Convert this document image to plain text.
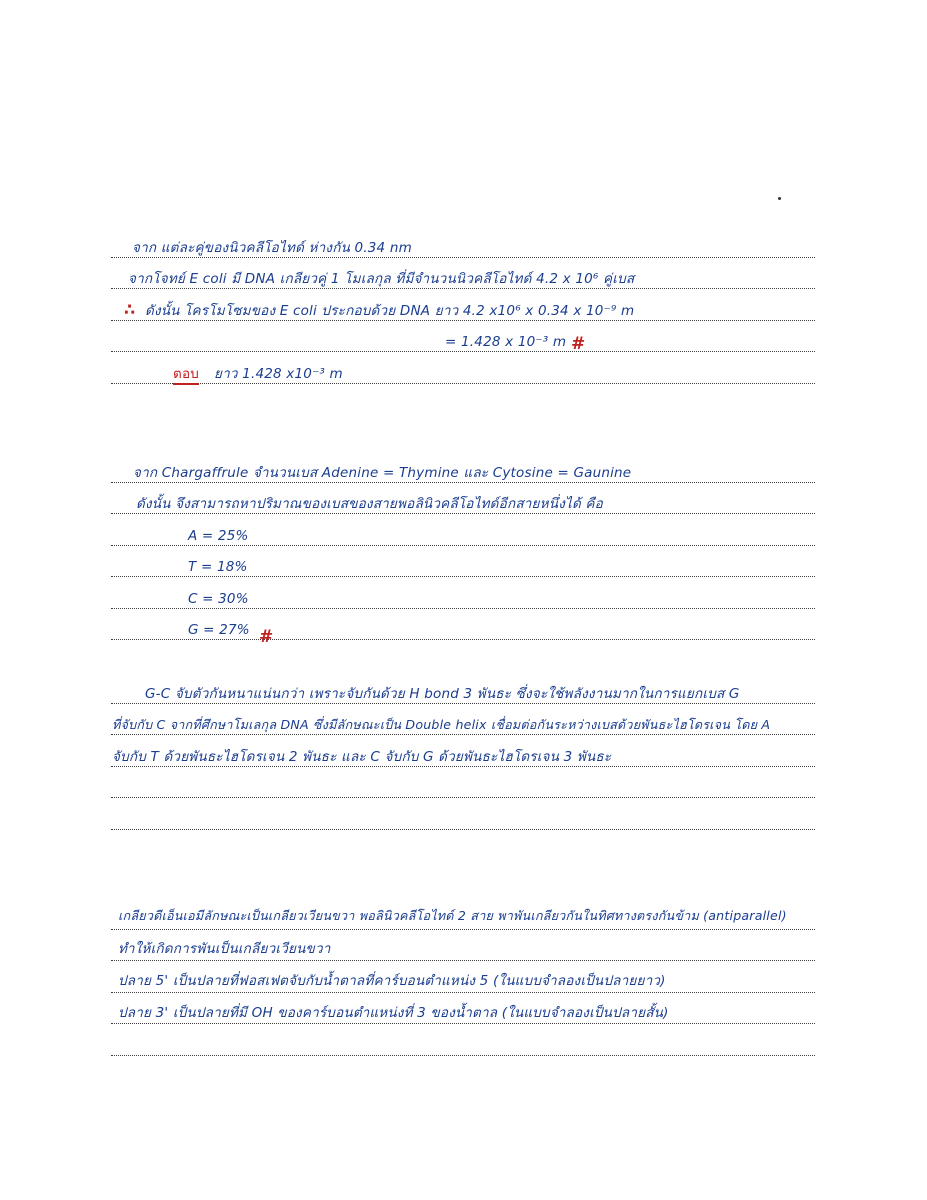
จาก แต่ละคู่ของนิวคลีโอไทด์ ห่างกัน 0.34 nm
จากโจทย์ E coli มี DNA เกลียวคู่ 1 โมเลกุล ที่มีจำนวนนิวคลีโอไทด์ 4.2 x 10⁶ คู่เบส
∴ ดังนั้น โครโมโซมของ E coli ประกอบด้วย DNA ยาว 4.2 x10⁶ x 0.34 x 10⁻⁹ m
= 1.428 x 10⁻³ m #
ตอบ ยาว 1.428 x10⁻³ m
จาก Chargaffrule จำนวนเบส Adenine = Thymine และ Cytosine = Gaunine
ดังนั้น จึงสามารถหาปริมาณของเบสของสายพอลินิวคลีโอไทด์อีกสายหนึ่งได้ คือ
A = 25%
T = 18%
C = 30%
G = 27% #
G-C จับตัวกันหนาแน่นกว่า เพราะจับกันด้วย H bond 3 พันธะ ซึ่งจะใช้พลังงานมากในการแยกเบส G
ที่จับกับ C จากที่ศึกษาโมเลกุล DNA ซึ่งมีลักษณะเป็น Double helix เชื่อมต่อกันระหว่างเบสด้วยพันธะไฮโดรเจน โดย A
จับกับ T ด้วยพันธะไฮโดรเจน 2 พันธะ และ C จับกับ G ด้วยพันธะไฮโดรเจน 3 พันธะ
เกลียวดีเอ็นเอมีลักษณะเป็นเกลียวเวียนขวา พอลินิวคลีโอไทด์ 2 สาย พาพันเกลียวกันในทิศทางตรงกันข้าม (antiparallel)
ทำให้เกิดการพันเป็นเกลียวเวียนขวา
ปลาย 5' เป็นปลายที่ฟอสเฟตจับกับน้ำตาลที่คาร์บอนตำแหน่ง 5 (ในแบบจำลองเป็นปลายยาว)
ปลาย 3' เป็นปลายที่มี OH ของคาร์บอนตำแหน่งที่ 3 ของน้ำตาล (ในแบบจำลองเป็นปลายสั้น)
